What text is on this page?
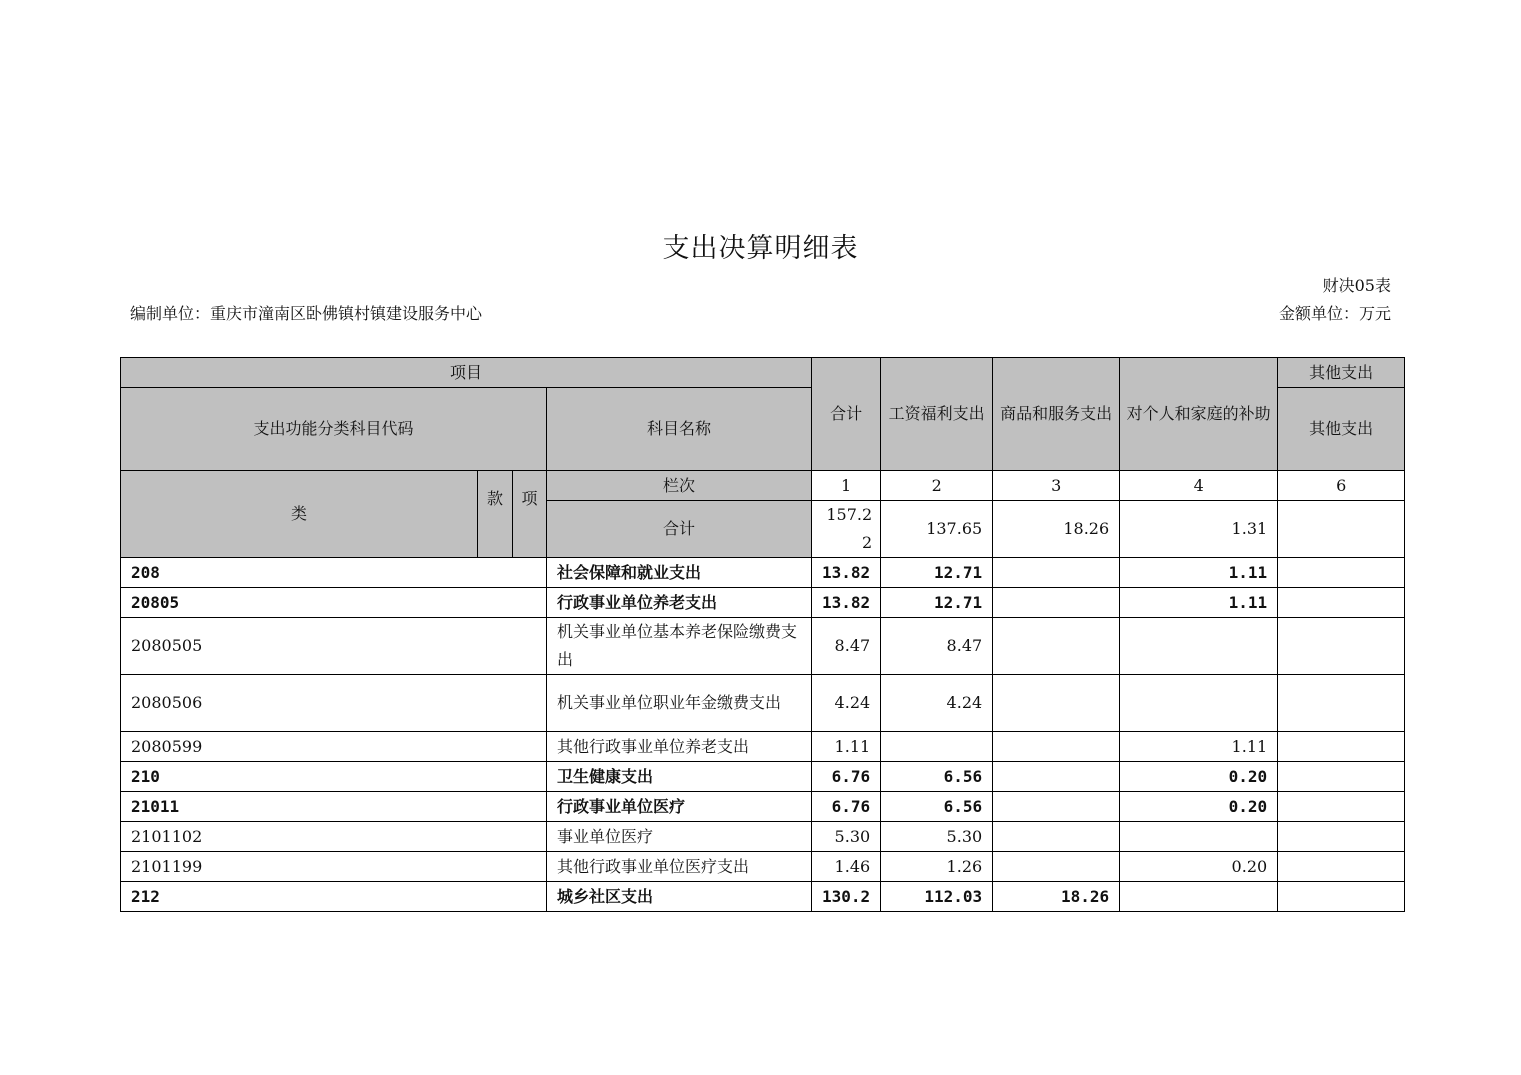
支出决算明细表
财决05表
编制单位：重庆市潼南区卧佛镇村镇建设服务中心	金额单位：万元
项目				合计	工资福利支出	商品和服务支出	对个人和家庭的补助	其他支出
支出功能分类科目代码			科目名称					其他支出
类	款	项	栏次	1	2	3	4	6
			合计	157.22	137.65	18.26	1.31	
208			社会保障和就业支出	13.82	12.71		1.11	
20805			行政事业单位养老支出	13.82	12.71		1.11	
2080505			机关事业单位基本养老保险缴费支出	8.47	8.47			
2080506			机关事业单位职业年金缴费支出	4.24	4.24			
2080599			其他行政事业单位养老支出	1.11			1.11	
210			卫生健康支出	6.76	6.56		0.20	
21011			行政事业单位医疗	6.76	6.56		0.20	
2101102			事业单位医疗	5.30	5.30			
2101199			其他行政事业单位医疗支出	1.46	1.26		0.20	
212			城乡社区支出	130.2	112.03	18.26		
